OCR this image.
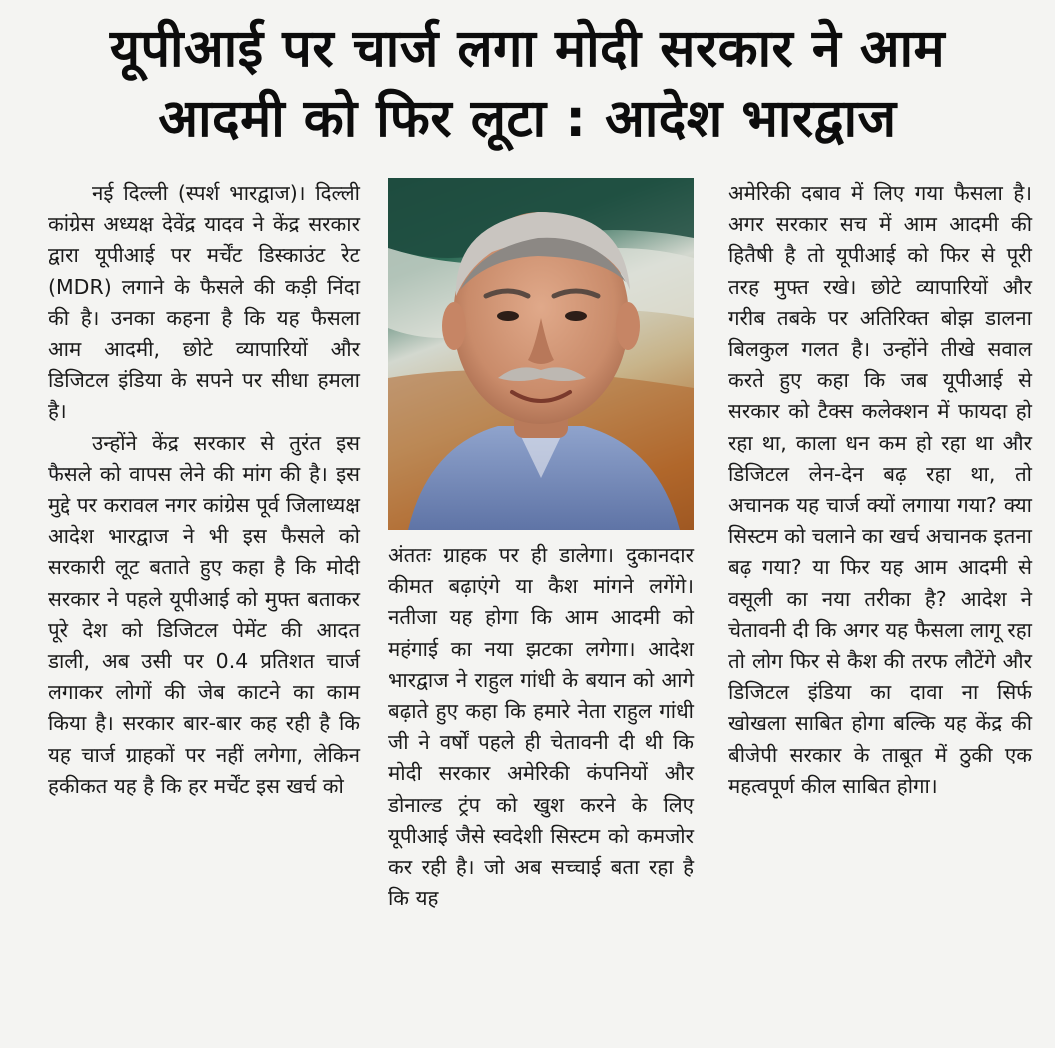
यूपीआई पर चार्ज लगा मोदी सरकार ने आम
आदमी को फिर लूटा : आदेश भारद्वाज

नई दिल्ली (स्पर्श भारद्वाज)। दिल्ली कांग्रेस अध्यक्ष देवेंद्र यादव ने केंद्र सरकार द्वारा यूपीआई पर मर्चेंट डिस्काउंट रेट (MDR) लगाने के फैसले की कड़ी निंदा की है। उनका कहना है कि यह फैसला आम आदमी, छोटे व्यापारियों और डिजिटल इंडिया के सपने पर सीधा हमला है।

उन्होंने केंद्र सरकार से तुरंत इस फैसले को वापस लेने की मांग की है। इस मुद्दे पर करावल नगर कांग्रेस पूर्व जिलाध्यक्ष आदेश भारद्वाज ने भी इस फैसले को सरकारी लूट बताते हुए कहा है कि मोदी सरकार ने पहले यूपीआई को मुफ्त बताकर पूरे देश को डिजिटल पेमेंट की आदत डाली, अब उसी पर 0.4 प्रतिशत चार्ज लगाकर लोगों की जेब काटने का काम किया है। सरकार बार-बार कह रही है कि यह चार्ज ग्राहकों पर नहीं लगेगा, लेकिन हकीकत यह है कि हर मर्चेंट इस खर्च को

अंततः ग्राहक पर ही डालेगा। दुकानदार कीमत बढ़ाएंगे या कैश मांगने लगेंगे। नतीजा यह होगा कि आम आदमी को महंगाई का नया झटका लगेगा। आदेश भारद्वाज ने राहुल गांधी के बयान को आगे बढ़ाते हुए कहा कि हमारे नेता राहुल गांधी जी ने वर्षों पहले ही चेतावनी दी थी कि मोदी सरकार अमेरिकी कंपनियों और डोनाल्ड ट्रंप को खुश करने के लिए यूपीआई जैसे स्वदेशी सिस्टम को कमजोर कर रही है। जो अब सच्चाई बता रहा है कि यह

अमेरिकी दबाव में लिए गया फैसला है। अगर सरकार सच में आम आदमी की हितैषी है तो यूपीआई को फिर से पूरी तरह मुफ्त रखे। छोटे व्यापारियों और गरीब तबके पर अतिरिक्त बोझ डालना बिलकुल गलत है। उन्होंने तीखे सवाल करते हुए कहा कि जब यूपीआई से सरकार को टैक्स कलेक्शन में फायदा हो रहा था, काला धन कम हो रहा था और डिजिटल लेन-देन बढ़ रहा था, तो अचानक यह चार्ज क्यों लगाया गया? क्या सिस्टम को चलाने का खर्च अचानक इतना बढ़ गया? या फिर यह आम आदमी से वसूली का नया तरीका है? आदेश ने चेतावनी दी कि अगर यह फैसला लागू रहा तो लोग फिर से कैश की तरफ लौटेंगे और डिजिटल इंडिया का दावा ना सिर्फ खोखला साबित होगा बल्कि यह केंद्र की बीजेपी सरकार के ताबूत में ठुकी एक महत्वपूर्ण कील साबित होगा।
